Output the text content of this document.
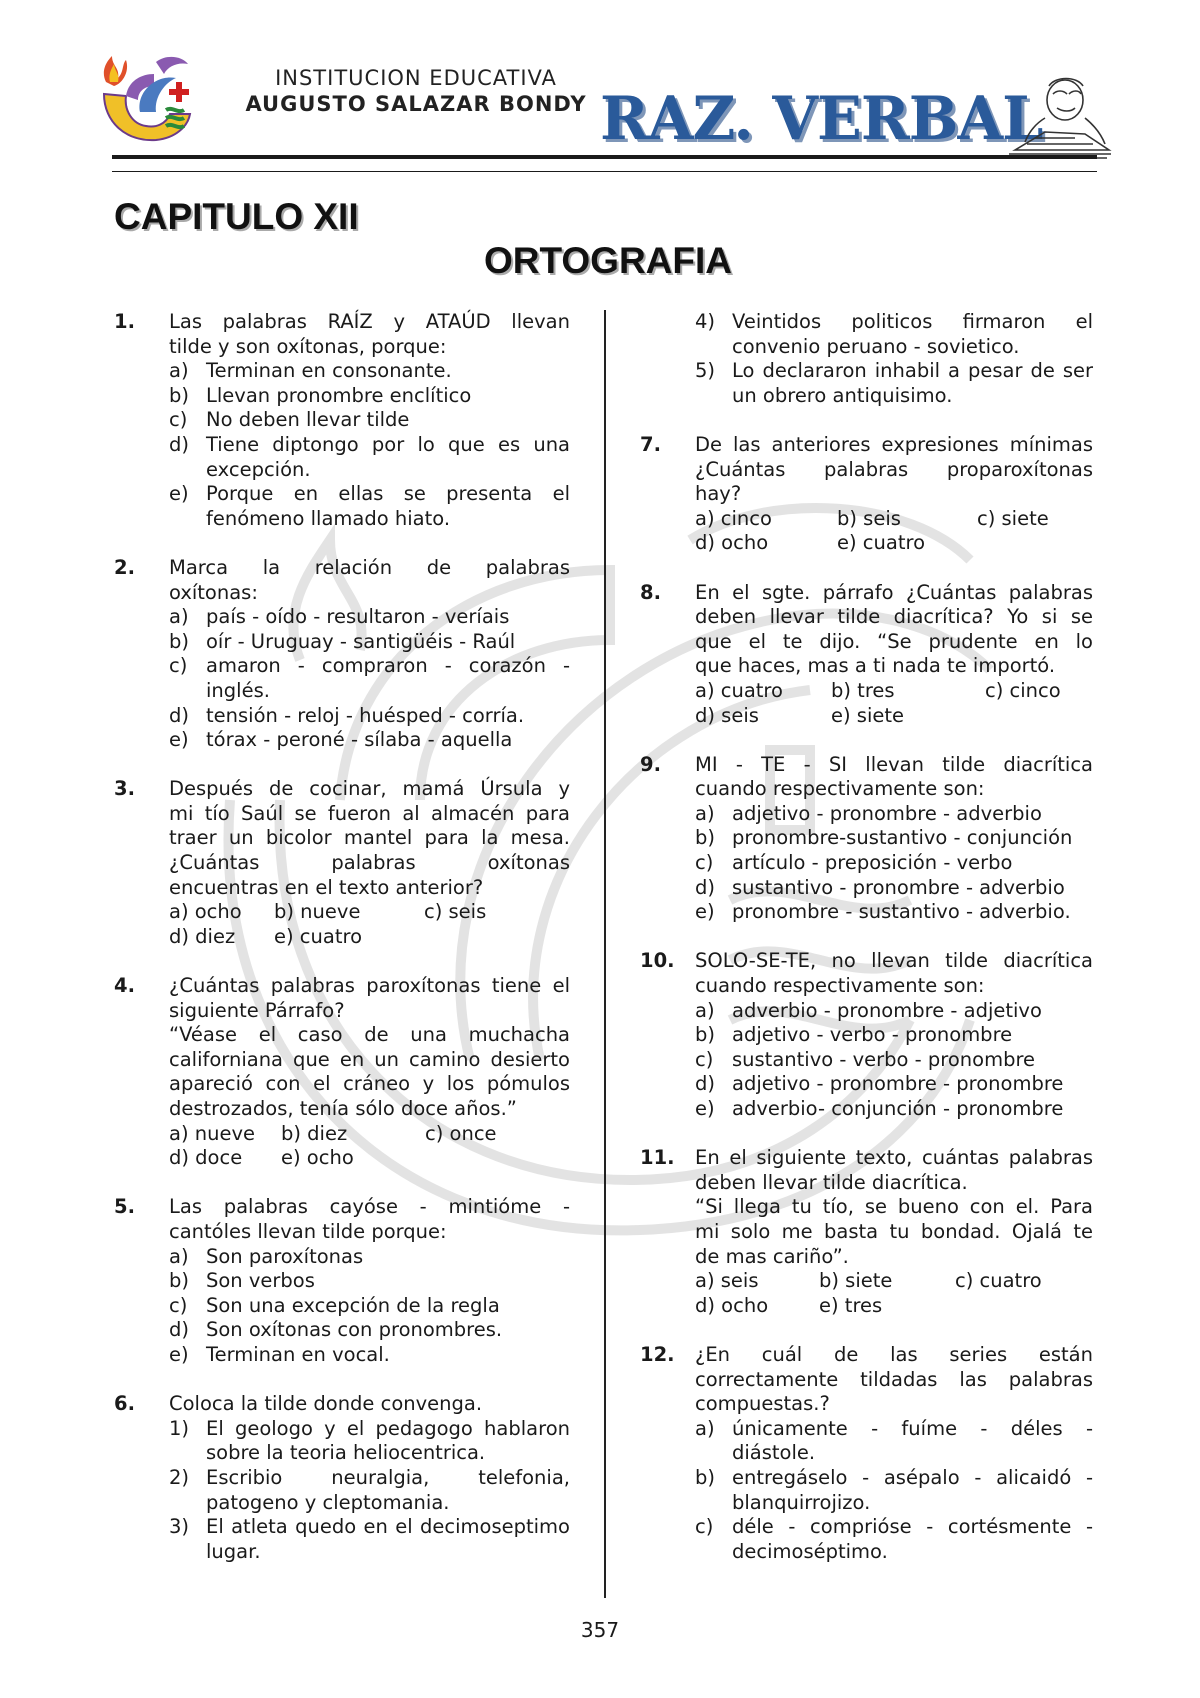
INSTITUCION EDUCATIVA
AUGUSTO SALAZAR BONDY RAZ. VERBAL
CAPITULO XII
ORTOGRAFIA
1. Las palabras RAÍZ y ATAÚD llevan
tilde y son oxítonas, porque:
a) Terminan en consonante.
b) Llevan pronombre enclítico
c) No deben llevar tilde
d) Tiene diptongo por lo que es una excepción.
e) Porque en ellas se presenta el fenómeno llamado hiato.
2. Marca la relación de palabras
oxítonas:
a) país - oído - resultaron - veríais
b) oír - Uruguay - santigüéis - Raúl
c) amaron - compraron - corazón - inglés.
d) tensión - reloj - huésped - corría.
e) tórax - peroné - sílaba - aquella
3. Después de cocinar, mamá Úrsula y
mi tío Saúl se fueron al almacén para
traer un bicolor mantel para la mesa.
¿Cuántas palabras oxítonas
encuentras en el texto anterior?
a) ocho	b) nueve	c) seis
d) diez	e) cuatro
4. ¿Cuántas palabras paroxítonas tiene el
siguiente Párrafo?
“Véase el caso de una muchacha
californiana que en un camino desierto
apareció con el cráneo y los pómulos
destrozados, tenía sólo doce años.”
a) nueve	b) diez	c) once
d) doce	e) ocho
5. Las palabras cayóse - mintióme -
cantóles llevan tilde porque:
a) Son paroxítonas
b) Son verbos
c) Son una excepción de la regla
d) Son oxítonas con pronombres.
e) Terminan en vocal.
6. Coloca la tilde donde convenga.
1) El geologo y el pedagogo hablaron sobre la teoria heliocentrica.
2) Escribio neuralgia, telefonia, patogeno y cleptomania.
3) El atleta quedo en el decimoseptimo lugar.
4) Veintidos politicos firmaron el convenio peruano - sovietico.
5) Lo declararon inhabil a pesar de ser un obrero antiquisimo.
7. De las anteriores expresiones mínimas
¿Cuántas palabras proparoxítonas
hay?
a) cinco	b) seis	c) siete
d) ocho	e) cuatro
8. En el sgte. párrafo ¿Cuántas palabras
deben llevar tilde diacrítica? Yo si se
que el te dijo. “Se prudente en lo
que haces, mas a ti nada te importó.
a) cuatro	b) tres	c) cinco
d) seis	e) siete
9. MI - TE - SI llevan tilde diacrítica
cuando respectivamente son:
a) adjetivo - pronombre - adverbio
b) pronombre-sustantivo - conjunción
c) artículo - preposición - verbo
d) sustantivo - pronombre - adverbio
e) pronombre - sustantivo - adverbio.
10. SOLO-SE-TE, no llevan tilde diacrítica
cuando respectivamente son:
a) adverbio - pronombre - adjetivo
b) adjetivo - verbo - pronombre
c) sustantivo - verbo - pronombre
d) adjetivo - pronombre - pronombre
e) adverbio- conjunción - pronombre
11. En el siguiente texto, cuántas palabras
deben llevar tilde diacrítica.
“Si llega tu tío, se bueno con el. Para
mi solo me basta tu bondad. Ojalá te
de mas cariño”.
a) seis	b) siete	c) cuatro
d) ocho	e) tres
12. ¿En cuál de las series están
correctamente tildadas las palabras
compuestas.?
a) únicamente - fuíme - déles - diástole.
b) entregáselo - asépalo - alicaidó - blanquirrojizo.
c) déle - comprióse - cortésmente - decimoséptimo.
357
